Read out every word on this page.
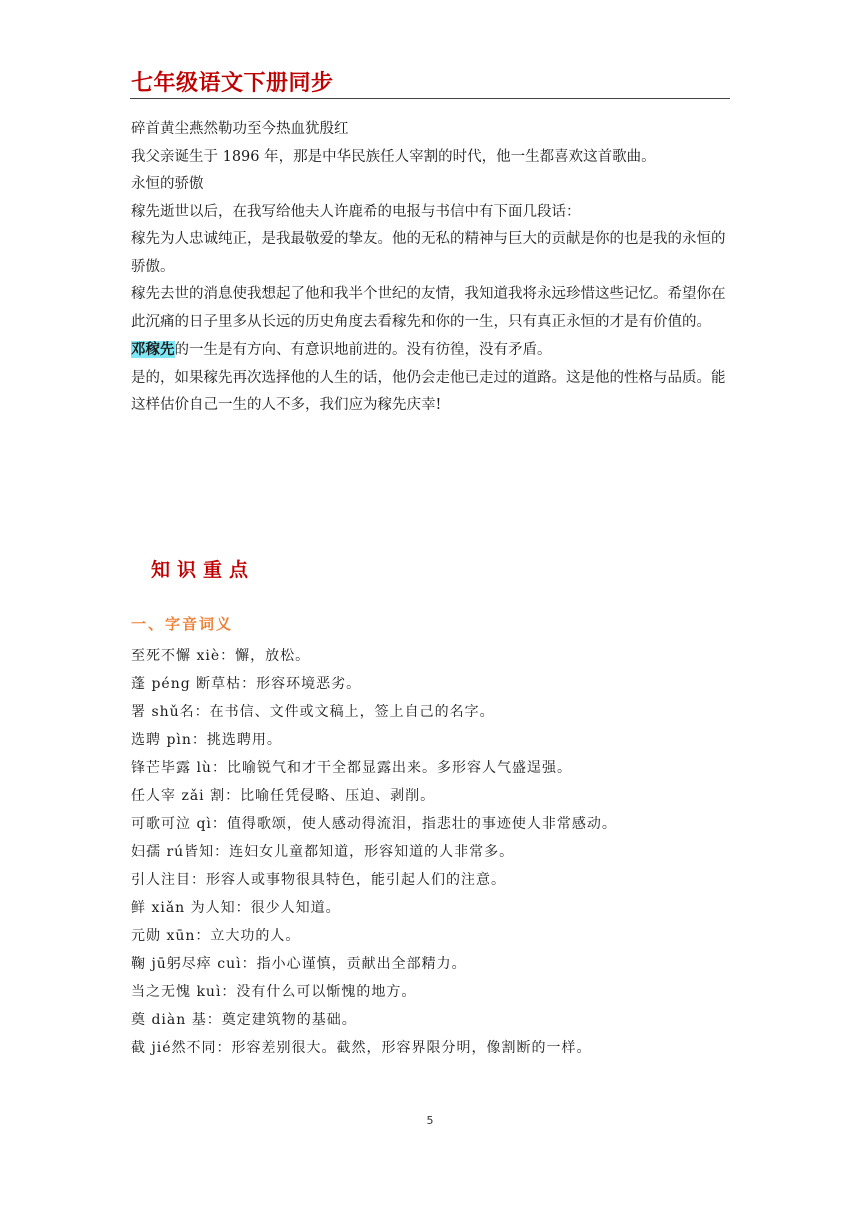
七年级语文下册同步

碎首黄尘燕然勒功至今热血犹殷红

我父亲诞生于 1896 年，那是中华民族任人宰割的时代，他一生都喜欢这首歌曲。

永恒的骄傲

稼先逝世以后，在我写给他夫人许鹿希的电报与书信中有下面几段话：

稼先为人忠诚纯正，是我最敬爱的挚友。他的无私的精神与巨大的贡献是你的也是我的永恒的骄傲。

稼先去世的消息使我想起了他和我半个世纪的友情，我知道我将永远珍惜这些记忆。希望你在此沉痛的日子里多从长远的历史角度去看稼先和你的一生，只有真正永恒的才是有价值的。

邓稼先的一生是有方向、有意识地前进的。没有彷徨，没有矛盾。

是的，如果稼先再次选择他的人生的话，他仍会走他已走过的道路。这是他的性格与品质。能这样估价自己一生的人不多，我们应为稼先庆幸!

知识重点
一、字音词义
至死不懈 xiè：懈，放松。
蓬 péng 断草枯：形容环境恶劣。
署 shǔ名：在书信、文件或文稿上，签上自己的名字。
选聘 pìn：挑选聘用。
锋芒毕露 lù：比喻锐气和才干全都显露出来。多形容人气盛逞强。
任人宰 zǎi 割：比喻任凭侵略、压迫、剥削。
可歌可泣 qì：值得歌颂，使人感动得流泪，指悲壮的事迹使人非常感动。
妇孺 rú皆知：连妇女儿童都知道，形容知道的人非常多。
引人注目：形容人或事物很具特色，能引起人们的注意。
鲜 xiǎn 为人知：很少人知道。
元勋 xūn：立大功的人。
鞠 jū躬尽瘁 cuì：指小心谨慎，贡献出全部精力。
当之无愧 kuì：没有什么可以惭愧的地方。
奠 diàn 基：奠定建筑物的基础。
截 jié然不同：形容差别很大。截然，形容界限分明，像割断的一样。
5
